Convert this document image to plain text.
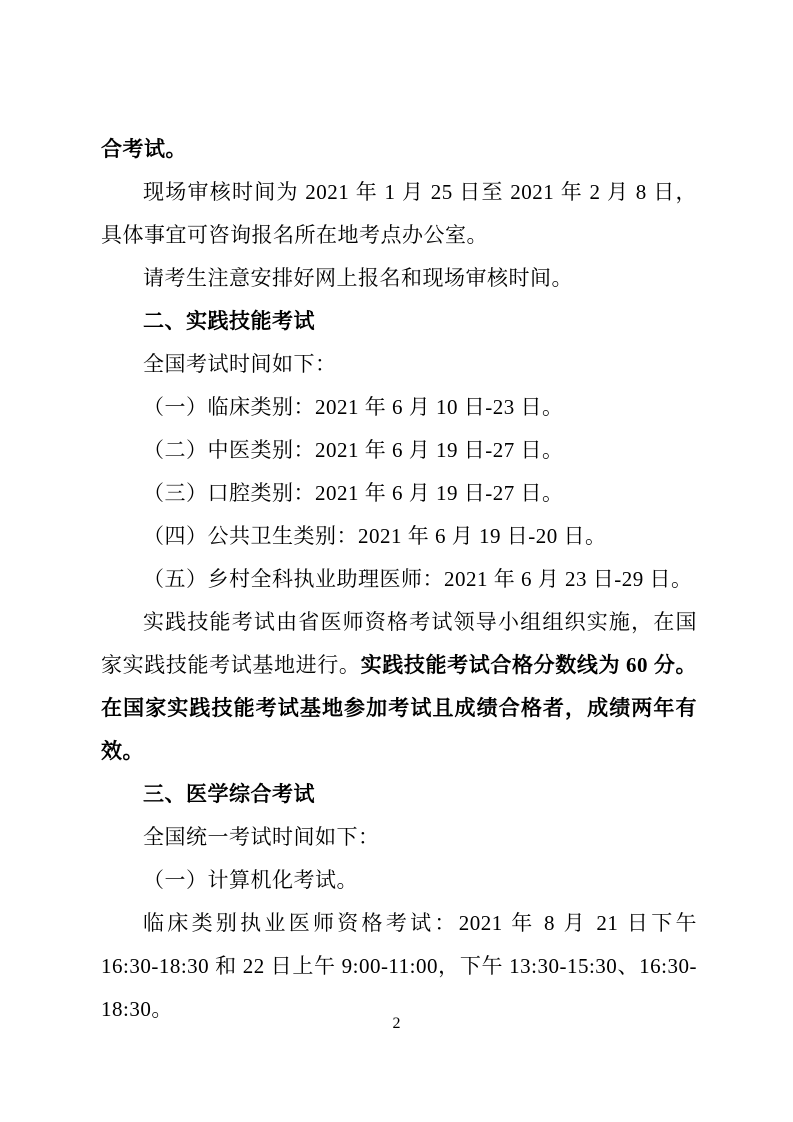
合考试。

现场审核时间为 2021 年 1 月 25 日至 2021 年 2 月 8 日，具体事宜可咨询报名所在地考点办公室。

请考生注意安排好网上报名和现场审核时间。

二、实践技能考试

全国考试时间如下：

（一）临床类别：2021 年 6 月 10 日-23 日。

（二）中医类别：2021 年 6 月 19 日-27 日。

（三）口腔类别：2021 年 6 月 19 日-27 日。

（四）公共卫生类别：2021 年 6 月 19 日-20 日。

（五）乡村全科执业助理医师：2021 年 6 月 23 日-29 日。

实践技能考试由省医师资格考试领导小组组织实施，在国家实践技能考试基地进行。实践技能考试合格分数线为 60 分。在国家实践技能考试基地参加考试且成绩合格者，成绩两年有效。

三、医学综合考试

全国统一考试时间如下：

（一）计算机化考试。

临床类别执业医师资格考试：2021 年 8 月 21 日下午 16:30-18:30 和 22 日上午 9:00-11:00，下午 13:30-15:30、16:30-18:30。

2
